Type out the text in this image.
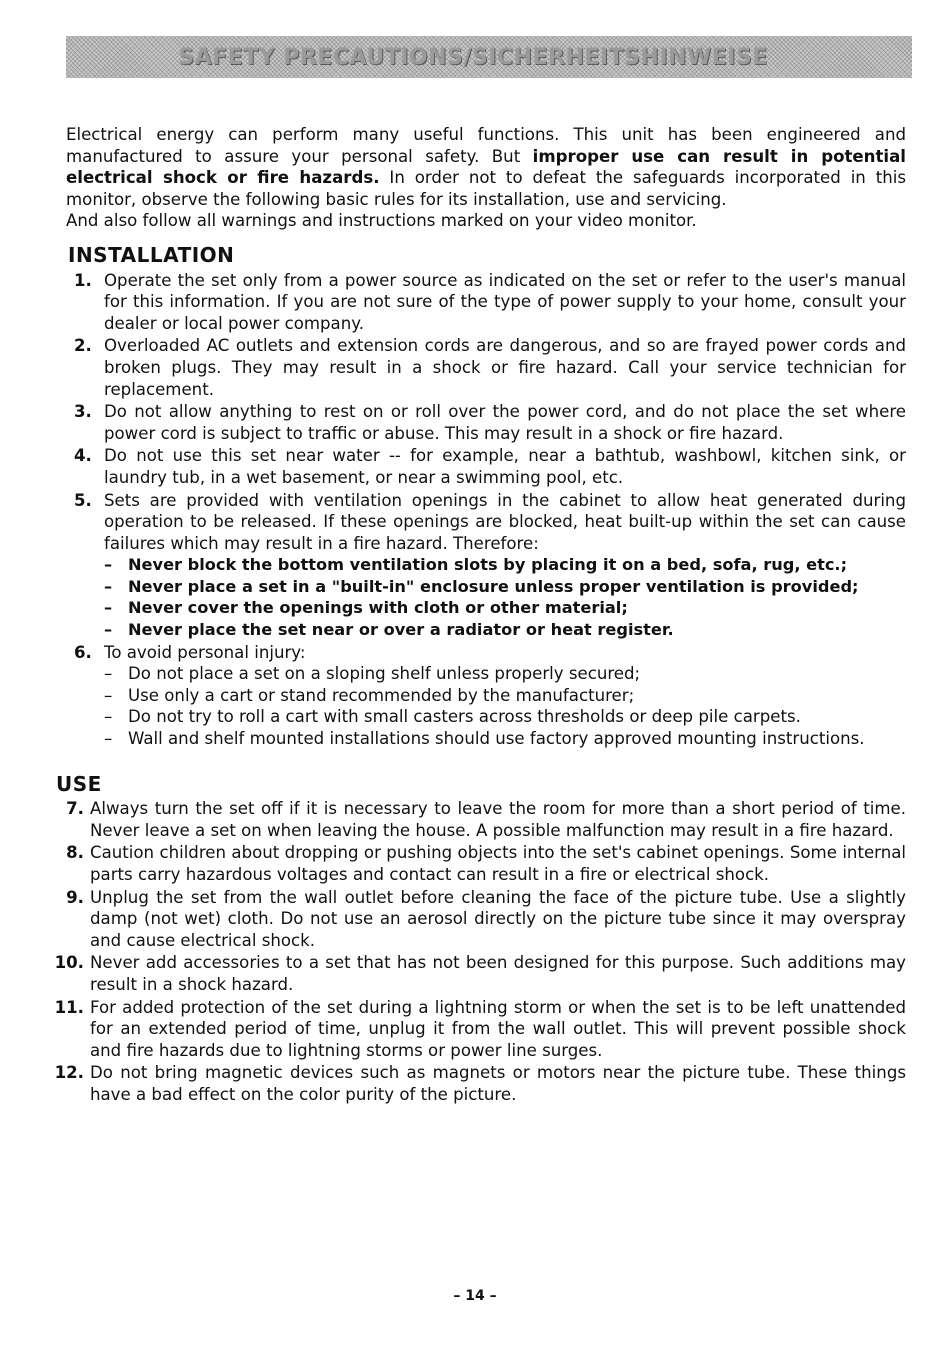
SAFETY PRECAUTIONS/SICHERHEITSHINWEISE

Electrical energy can perform many useful functions. This unit has been engineered and manufactured to assure your personal safety. But improper use can result in potential electrical shock or fire hazards. In order not to defeat the safeguards incorporated in this monitor, observe the following basic rules for its installation, use and servicing.
And also follow all warnings and instructions marked on your video monitor.

INSTALLATION
1. Operate the set only from a power source as indicated on the set or refer to the user's manual for this information. If you are not sure of the type of power supply to your home, consult your dealer or local power company.
2. Overloaded AC outlets and extension cords are dangerous, and so are frayed power cords and broken plugs. They may result in a shock or fire hazard. Call your service technician for replacement.
3. Do not allow anything to rest on or roll over the power cord, and do not place the set where power cord is subject to traffic or abuse. This may result in a shock or fire hazard.
4. Do not use this set near water -- for example, near a bathtub, washbowl, kitchen sink, or laundry tub, in a wet basement, or near a swimming pool, etc.
5. Sets are provided with ventilation openings in the cabinet to allow heat generated during operation to be released. If these openings are blocked, heat built-up within the set can cause failures which may result in a fire hazard. Therefore:
– Never block the bottom ventilation slots by placing it on a bed, sofa, rug, etc.;
– Never place a set in a "built-in" enclosure unless proper ventilation is provided;
– Never cover the openings with cloth or other material;
– Never place the set near or over a radiator or heat register.
6. To avoid personal injury:
– Do not place a set on a sloping shelf unless properly secured;
– Use only a cart or stand recommended by the manufacturer;
– Do not try to roll a cart with small casters across thresholds or deep pile carpets.
– Wall and shelf mounted installations should use factory approved mounting instructions.
USE
7. Always turn the set off if it is necessary to leave the room for more than a short period of time. Never leave a set on when leaving the house. A possible malfunction may result in a fire hazard.
8. Caution children about dropping or pushing objects into the set's cabinet openings. Some internal parts carry hazardous voltages and contact can result in a fire or electrical shock.
9. Unplug the set from the wall outlet before cleaning the face of the picture tube. Use a slightly damp (not wet) cloth. Do not use an aerosol directly on the picture tube since it may overspray and cause electrical shock.
10. Never add accessories to a set that has not been designed for this purpose. Such additions may result in a shock hazard.
11. For added protection of the set during a lightning storm or when the set is to be left unattended for an extended period of time, unplug it from the wall outlet. This will prevent possible shock and fire hazards due to lightning storms or power line surges.
12. Do not bring magnetic devices such as magnets or motors near the picture tube. These things have a bad effect on the color purity of the picture.
– 14 –
